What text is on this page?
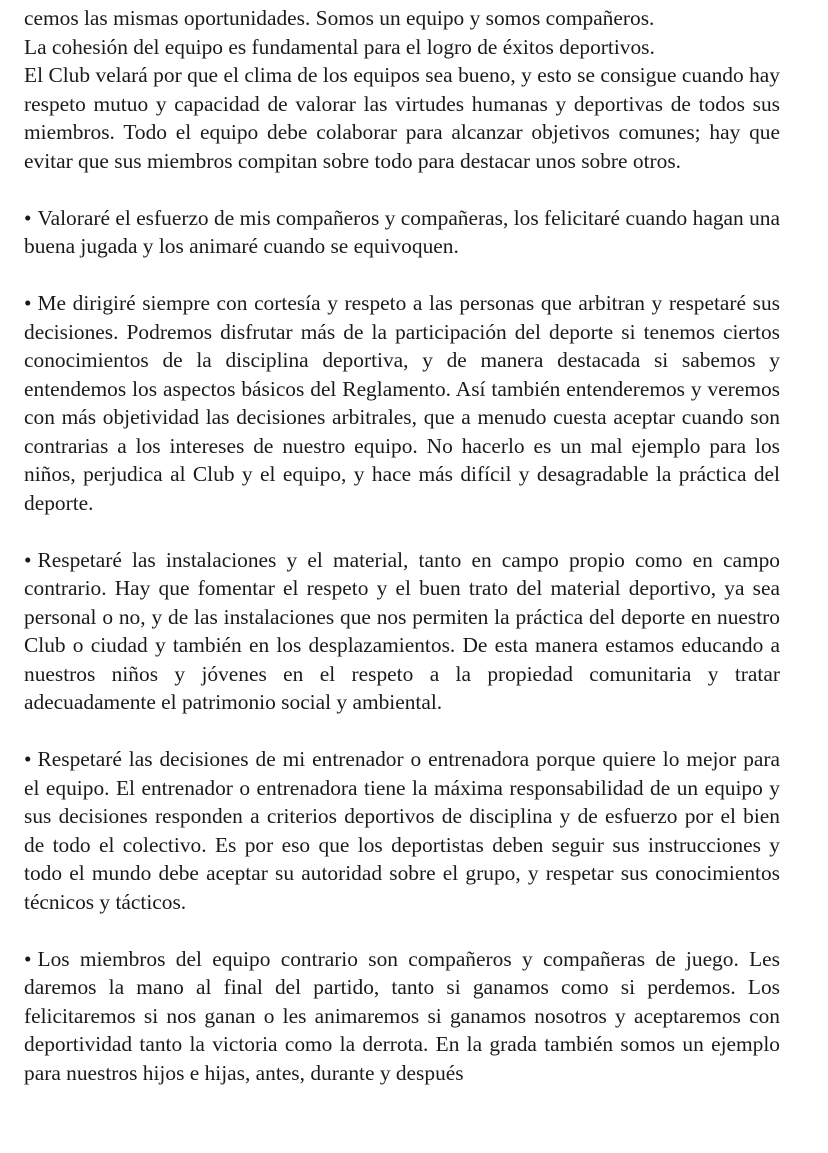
cemos las mismas oportunidades. Somos un equipo y somos compañeros.

La cohesión del equipo es fundamental para el logro de éxitos deportivos.

El Club velará por que el clima de los equipos sea bueno, y esto se consigue cuando hay respeto mutuo y capacidad de valorar las virtudes humanas y deportivas de todos sus miembros. Todo el equipo debe colaborar para alcanzar objetivos comunes; hay que evitar que sus miembros compitan sobre todo para destacar unos sobre otros.

• Valoraré el esfuerzo de mis compañeros y compañeras, los felicitaré cuando hagan una buena jugada y los animaré cuando se equivoquen.

• Me dirigiré siempre con cortesía y respeto a las personas que arbitran y respetaré sus decisiones. Podremos disfrutar más de la participación del deporte si tenemos ciertos conocimientos de la disciplina deportiva, y de manera destacada si sabemos y entendemos los aspectos básicos del Reglamento. Así también entenderemos y veremos con más objetividad las decisiones arbitrales, que a menudo cuesta aceptar cuando son contrarias a los intereses de nuestro equipo. No hacerlo es un mal ejemplo para los niños, perjudica al Club y el equipo, y hace más difícil y desagradable la práctica del deporte.

• Respetaré las instalaciones y el material, tanto en campo propio como en campo contrario. Hay que fomentar el respeto y el buen trato del material deportivo, ya sea personal o no, y de las instalaciones que nos permiten la práctica del deporte en nuestro Club o ciudad y también en los desplazamientos. De esta manera estamos educando a nuestros niños y jóvenes en el respeto a la propiedad comunitaria y tratar adecuadamente el patrimonio social y ambiental.

• Respetaré las decisiones de mi entrenador o entrenadora porque quiere lo mejor para el equipo. El entrenador o entrenadora tiene la máxima responsabilidad de un equipo y sus decisiones responden a criterios deportivos de disciplina y de esfuerzo por el bien de todo el colectivo. Es por eso que los deportistas deben seguir sus instrucciones y todo el mundo debe aceptar su autoridad sobre el grupo, y respetar sus conocimientos técnicos y tácticos.

• Los miembros del equipo contrario son compañeros y compañeras de juego. Les daremos la mano al final del partido, tanto si ganamos como si perdemos. Los felicitaremos si nos ganan o les animaremos si ganamos nosotros y aceptaremos con deportividad tanto la victoria como la derrota. En la grada también somos un ejemplo para nuestros hijos e hijas, antes, durante y después
